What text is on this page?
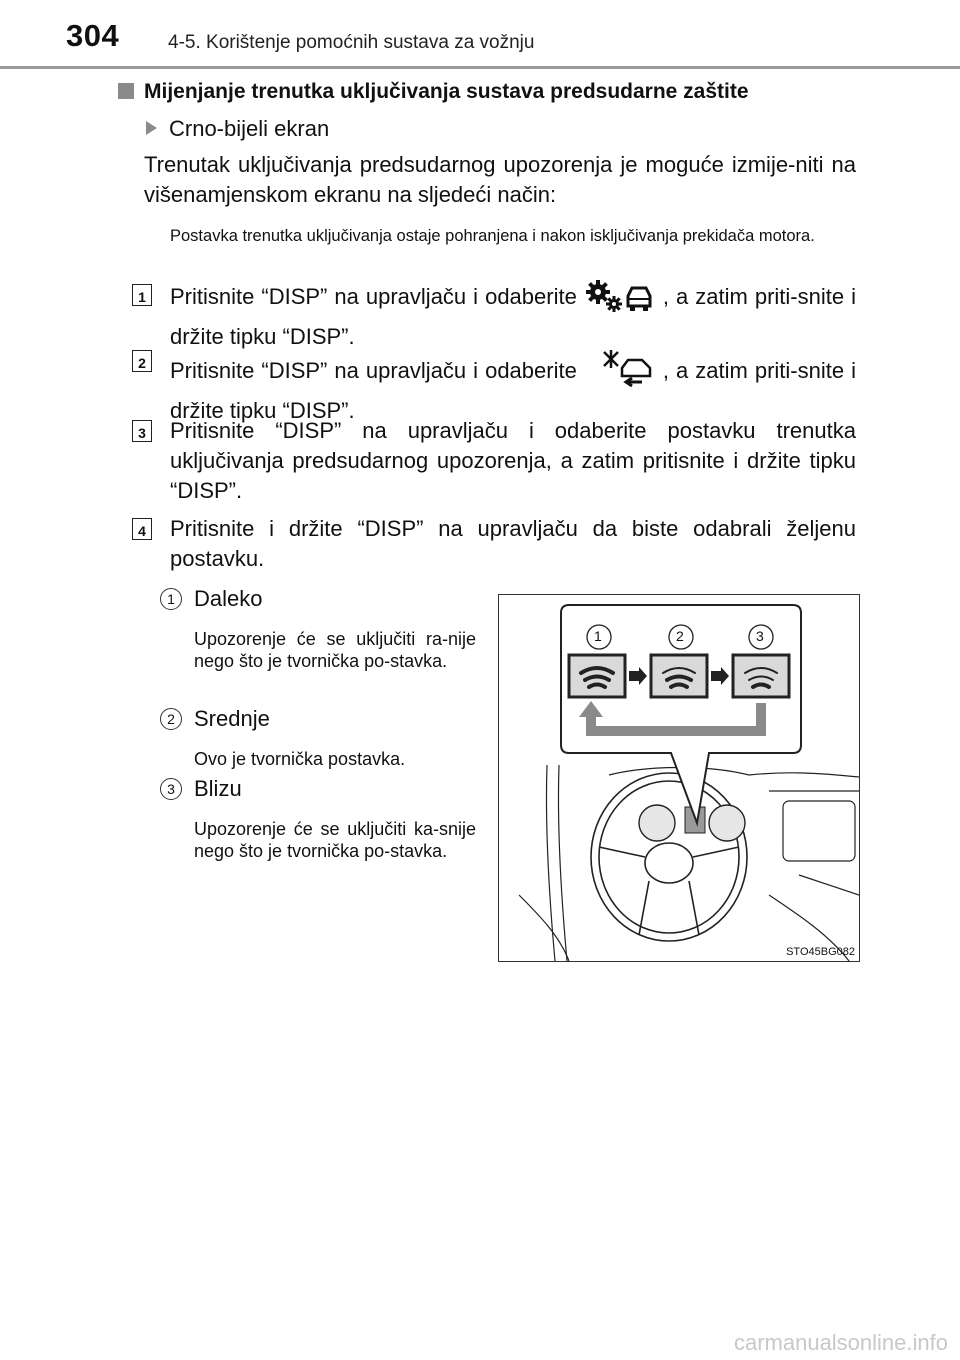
304	4-5. Korištenje pomoćnih sustava za vožnju
Mijenjanje trenutka uključivanja sustava predsudarne zaštite
Crno-bijeli ekran
Trenutak uključivanja predsudarnog upozorenja je moguće izmije-niti na višenamjenskom ekranu na sljedeći način:
Postavka trenutka uključivanja ostaje pohranjena i nakon isključivanja prekidača motora.
1 Pritisnite “DISP” na upravljaču i odaberite	, a zatim priti-snite i držite tipku “DISP”.
2 Pritisnite “DISP” na upravljaču i odaberite	, a zatim priti-snite i držite tipku “DISP”.
3 Pritisnite “DISP” na upravljaču i odaberite postavku trenutka uključivanja predsudarnog upozorenja, a zatim pritisnite i držite tipku “DISP”.
4 Pritisnite i držite “DISP” na upravljaču da biste odabrali željenu postavku.
1 Daleko
Upozorenje će se uključiti ra-nije nego što je tvornička po-stavka.
2 Srednje
Ovo je tvornička postavka.
3 Blizu
Upozorenje će se uključiti ka-snije nego što je tvornička po-stavka.
1	2	3
STO45BG082
carmanualsonline.info
